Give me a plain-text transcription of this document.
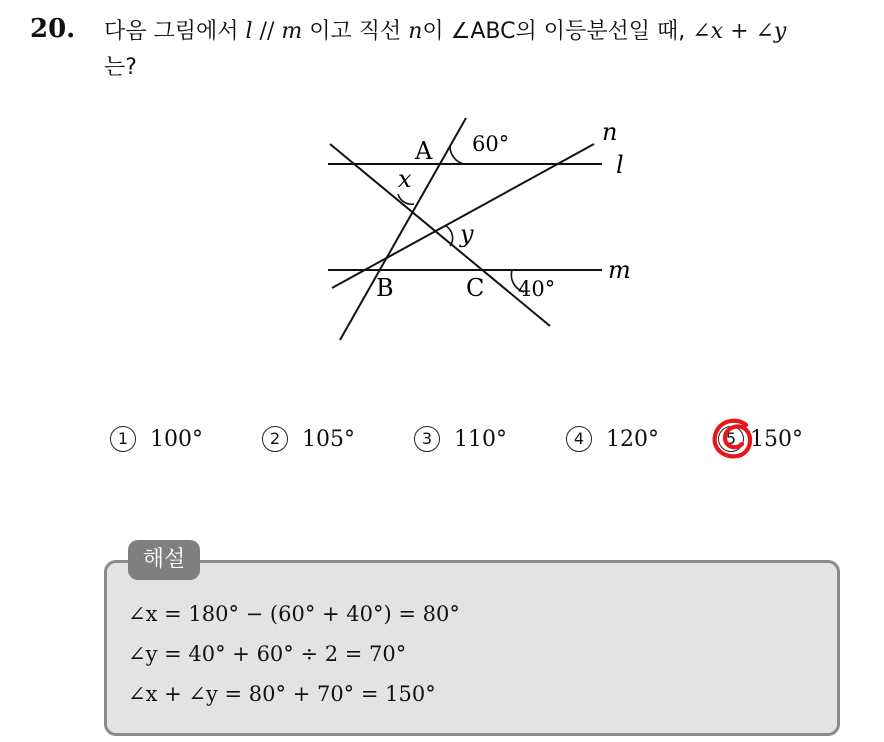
20. 다음 그림에서 l // m 이고 직선 n이 ∠ABC의 이등분선일 때, ∠x + ∠y
는?
A 60°	n
l
x
y
B	C 40°
m
1 100°	2 105°	3 110°	4 120°	5 150°
해설
∠x = 180° − (60° + 40°) = 80°
∠y = 40° + 60° ÷ 2 = 70°
∠x + ∠y = 80° + 70° = 150°
